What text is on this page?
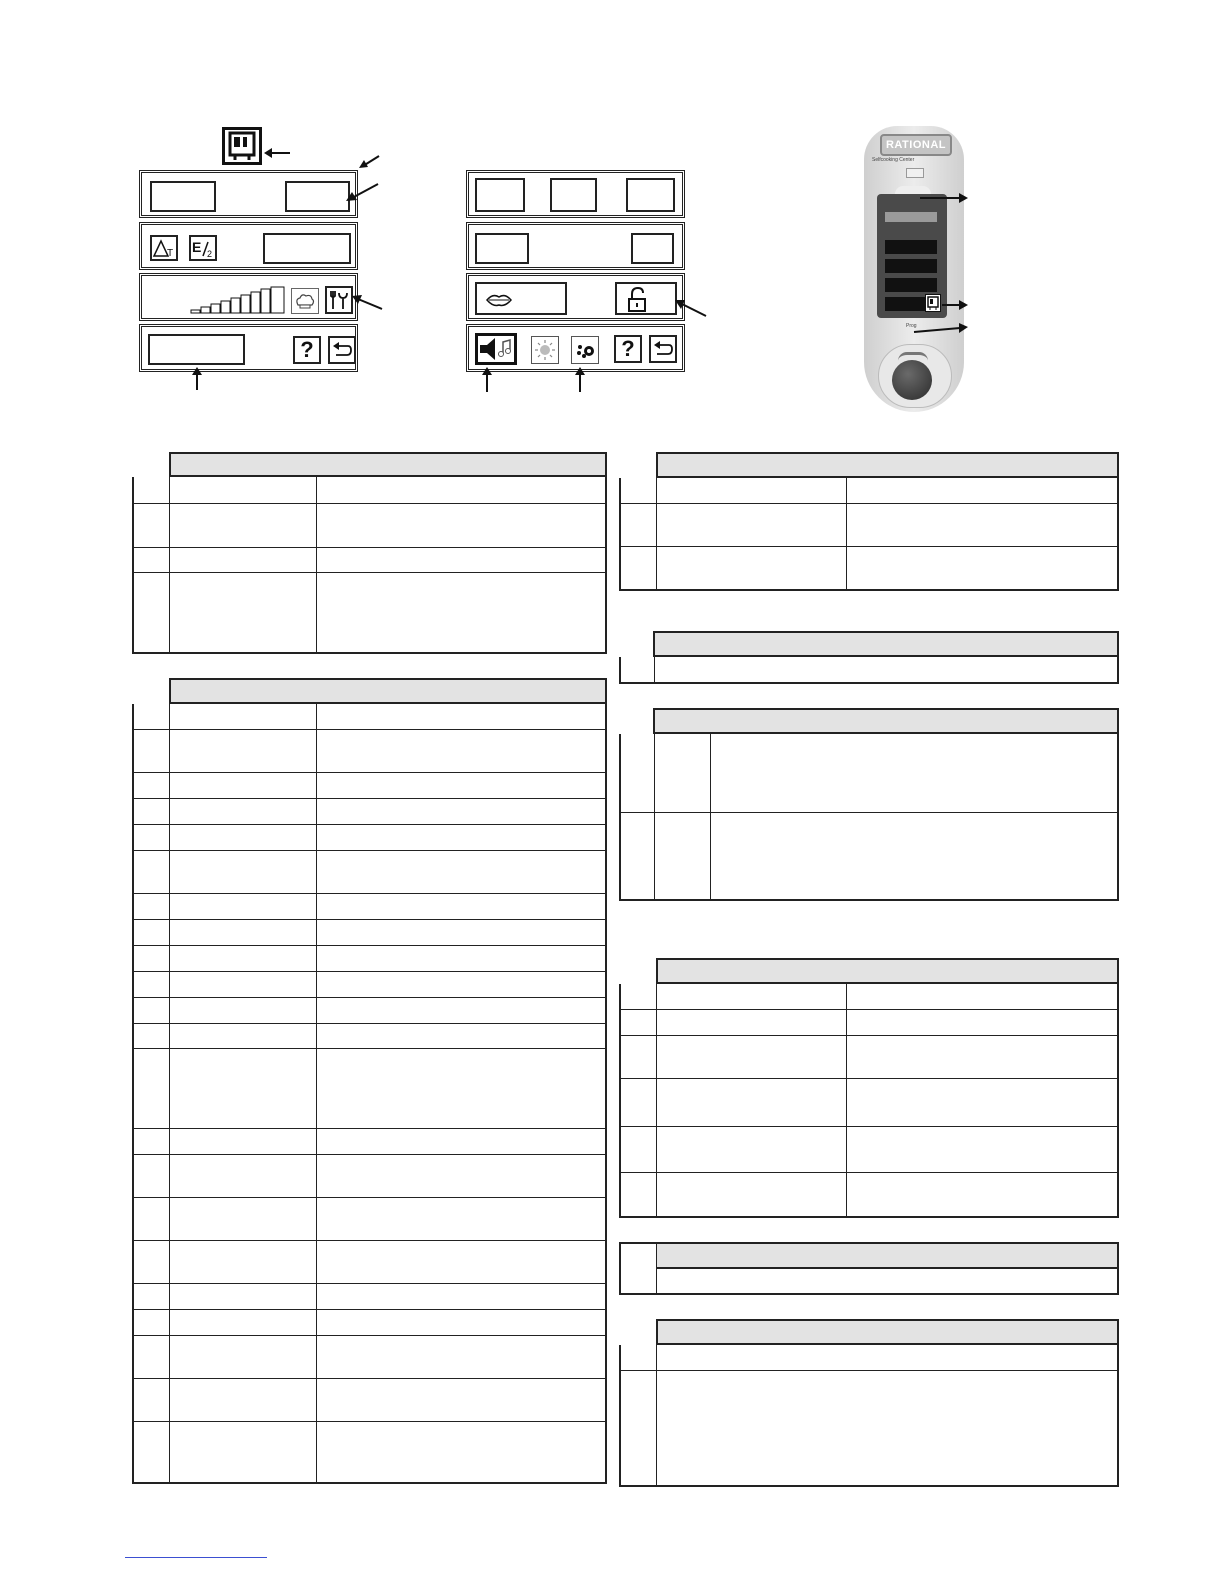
T E 2
?	?
RATIONAL
Selfcooking Center
Prog
